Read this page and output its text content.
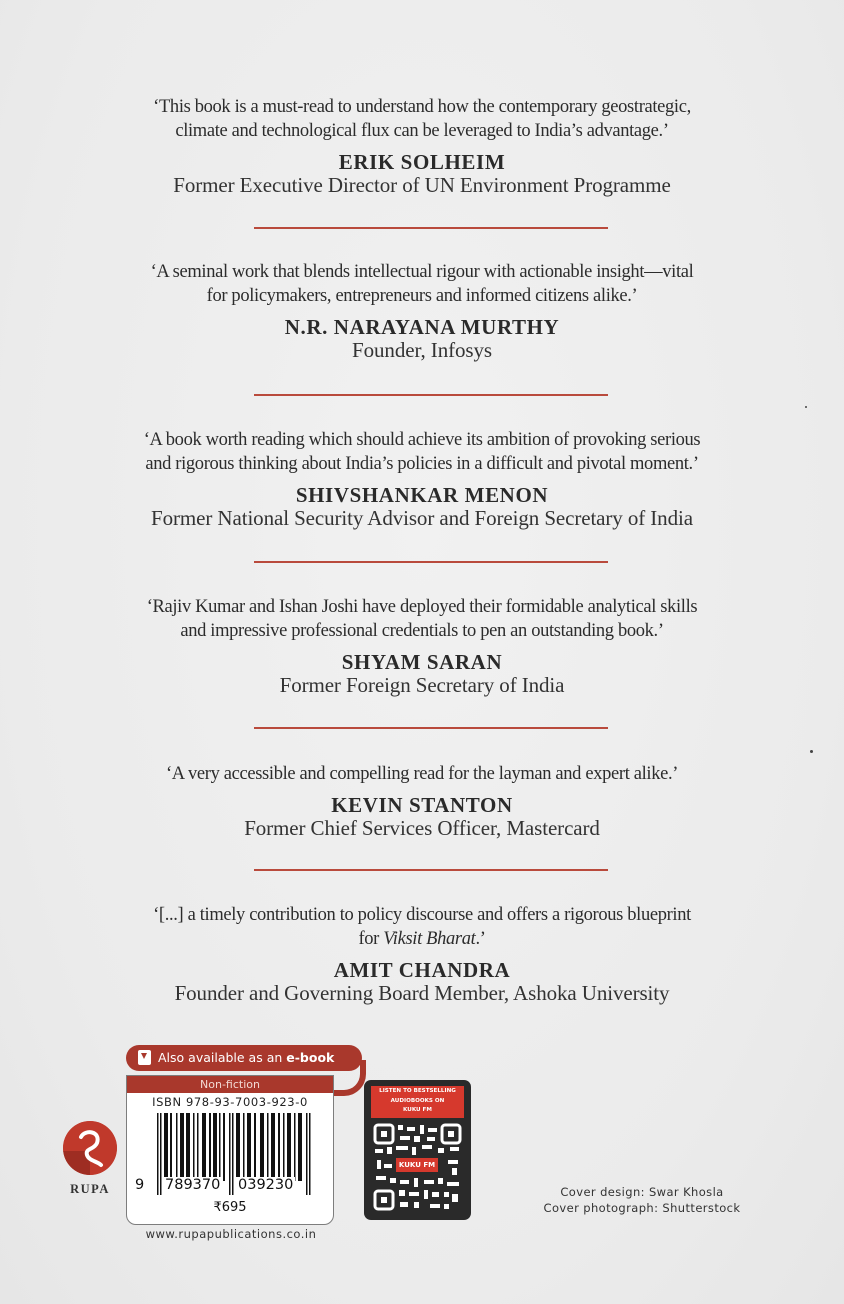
‘This book is a must-read to understand how the contemporary geostrategic,
climate and technological flux can be leveraged to India’s advantage.’
ERIK SOLHEIM
Former Executive Director of UN Environment Programme
‘A seminal work that blends intellectual rigour with actionable insight—vital
for policymakers, entrepreneurs and informed citizens alike.’
N.R. NARAYANA MURTHY
Founder, Infosys
‘A book worth reading which should achieve its ambition of provoking serious
and rigorous thinking about India’s policies in a difficult and pivotal moment.’
SHIVSHANKAR MENON
Former National Security Advisor and Foreign Secretary of India
‘Rajiv Kumar and Ishan Joshi have deployed their formidable analytical skills
and impressive professional credentials to pen an outstanding book.’
SHYAM SARAN
Former Foreign Secretary of India
‘A very accessible and compelling read for the layman and expert alike.’
KEVIN STANTON
Former Chief Services Officer, Mastercard
‘[...] a timely contribution to policy discourse and offers a rigorous blueprint
for Viksit Bharat.’
AMIT CHANDRA
Founder and Governing Board Member, Ashoka University
RUPA
Also available as an e-book
Non-fiction
ISBN 978-93-7003-923-0
9 789370 039230
₹695
www.rupapublications.co.in
LISTEN TO BESTSELLING
AUDIOBOOKS ON
KUKU FM
KUKU FM
Cover design: Swar Khosla
Cover photograph: Shutterstock
